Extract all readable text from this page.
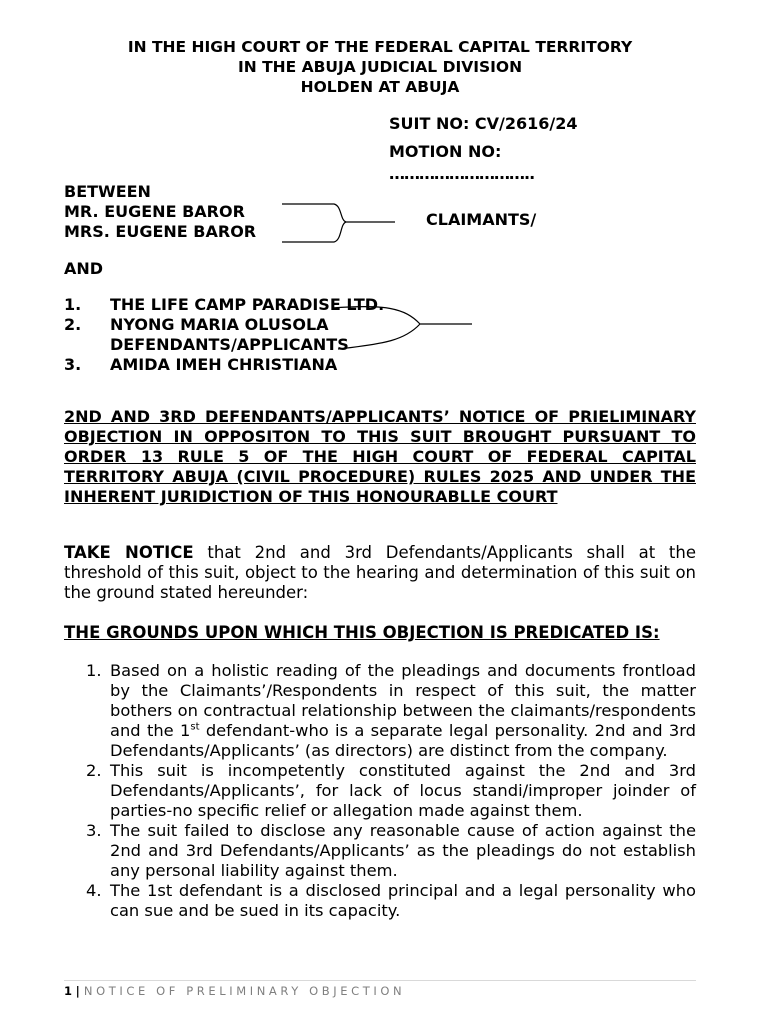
IN THE HIGH COURT OF THE FEDERAL CAPITAL TERRITORY
IN THE ABUJA JUDICIAL DIVISION
HOLDEN AT ABUJA
SUIT NO: CV/2616/24
MOTION NO:
………………………..
BETWEEN
MR. EUGENE BAROR
MRS. EUGENE BAROR
CLAIMANTS/
AND
1. THE LIFE CAMP PARADISE LTD.
2. NYONG MARIA OLUSOLA
DEFENDANTS/APPLICANTS
3. AMIDA IMEH CHRISTIANA
2ND AND 3RD DEFENDANTS/APPLICANTS’ NOTICE OF PRIELIMINARY OBJECTION IN OPPOSITON TO THIS SUIT BROUGHT PURSUANT TO ORDER 13 RULE 5 OF THE HIGH COURT OF FEDERAL CAPITAL TERRITORY ABUJA (CIVIL PROCEDURE) RULES 2025 AND UNDER THE INHERENT JURIDICTION OF THIS HONOURABLLE COURT
TAKE NOTICE that 2nd and 3rd Defendants/Applicants shall at the threshold of this suit, object to the hearing and determination of this suit on the ground stated hereunder:
THE GROUNDS UPON WHICH THIS OBJECTION IS PREDICATED IS:
1. Based on a holistic reading of the pleadings and documents frontload by the Claimants’/Respondents in respect of this suit, the matter bothers on contractual relationship between the claimants/respondents and the 1st defendant-who is a separate legal personality. 2nd and 3rd Defendants/Applicants’ (as directors) are distinct from the company.
2. This suit is incompetently constituted against the 2nd and 3rd Defendants/Applicants’, for lack of locus standi/improper joinder of parties-no specific relief or allegation made against them.
3. The suit failed to disclose any reasonable cause of action against the 2nd and 3rd Defendants/Applicants’ as the pleadings do not establish any personal liability against them.
4. The 1st defendant is a disclosed principal and a legal personality who can sue and be sued in its capacity.
1 | NOTICE OF PRELIMINARY OBJECTION
